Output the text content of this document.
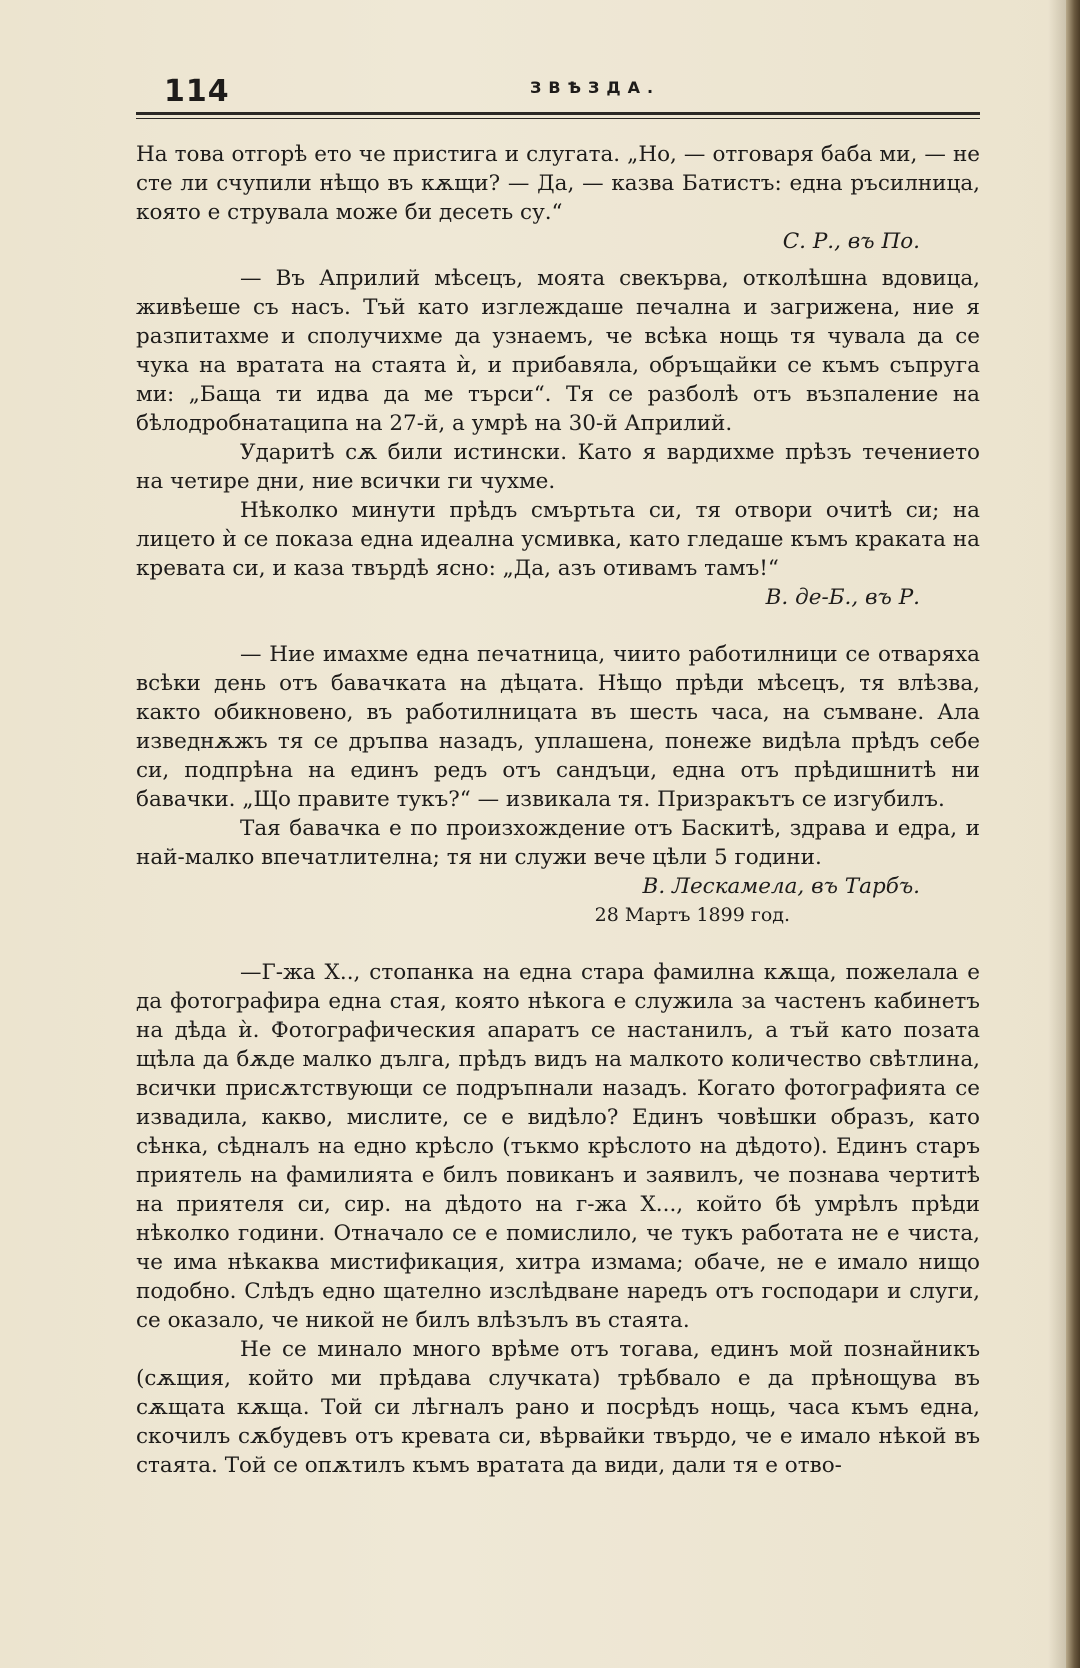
114	ЗВѢЗДА.

На това отгорѣ ето че пристига и слугата. „Но, — отговаря баба ми, — не сте ли счупили нѣщо въ кѫщи? — Да, — казва Батистъ: една ръсилница, която е струвала може би десеть су.“

С. Р., въ По.

— Въ Априлий мѣсецъ, моята свекърва, отколѣшна вдовица, живѣеше съ насъ. Тъй като изглеждаше печална и загрижена, ние я разпитахме и сполучихме да узнаемъ, че всѣка нощь тя чувала да се чука на вратата на стаята ѝ, и прибавяла, обръщайки се къмъ съпруга ми: „Баща ти идва да ме търси“. Тя се разболѣ отъ възпаление на бѣлодробнатаципа на 27-й, а умрѣ на 30-й Априлий.

Ударитѣ сѫ били истински. Като я вардихме прѣзъ течението на четире дни, ние всички ги чухме.

Нѣколко минути прѣдъ смъртьта си, тя отвори очитѣ си; на лицето ѝ се показа една идеална усмивка, като гледаше къмъ краката на кревата си, и каза твърдѣ ясно: „Да, азъ отивамъ тамъ!“

В. де-Б., въ Р.

— Ние имахме една печатница, чиито работилници се отваряха всѣки день отъ бавачката на дѣцата. Нѣщо прѣди мѣсецъ, тя влѣзва, както обикновено, въ работилницата въ шесть часа, на съмване. Ала изведнѫжъ тя се дръпва назадъ, уплашена, понеже видѣла прѣдъ себе си, подпрѣна на единъ редъ отъ сандъци, една отъ прѣдишнитѣ ни бавачки. „Що правите тукъ?“ — извикала тя. Призракътъ се изгубилъ.

Тая бавачка е по произхождение отъ Баскитѣ, здрава и едра, и най-малко впечатлителна; тя ни служи вече цѣли 5 години.

В. Лескамела, въ Тарбъ.

28 Мартъ 1899 год.

—Г-жа X.., стопанка на една стара фамилна кѫща, пожелала е да фотографира една стая, която нѣкога е служила за частенъ кабинетъ на дѣда ѝ. Фотографическия апаратъ се настанилъ, а тъй като позата щѣла да бѫде малко дълга, прѣдъ видъ на малкото количество свѣтлина, всички присѫтствующи се подръпнали назадъ. Когато фотографията се извадила, какво, мислите, се е видѣло? Единъ човѣшки образъ, като сѣнка, сѣдналъ на едно крѣсло (тъкмо крѣслото на дѣдото). Единъ старъ приятель на фамилията е билъ повиканъ и заявилъ, че познава чертитѣ на приятеля си, сир. на дѣдото на г-жа X..., който бѣ умрѣлъ прѣди нѣколко години. Отначало се е помислило, че тукъ работата не е чиста, че има нѣкаква мистификация, хитра измама; обаче, не е имало нищо подобно. Слѣдъ едно щателно изслѣдване наредъ отъ господари и слуги, се оказало, че никой не билъ влѣзълъ въ стаята.

Не се минало много врѣме отъ тогава, единъ мой познайникъ (сѫщия, който ми прѣдава случката) трѣбвало е да прѣнощува въ сѫщата кѫща. Той си лѣгналъ рано и посрѣдъ нощь, часа къмъ една, скочилъ сѫбудевъ отъ кревата си, вѣрвайки твърдо, че е имало нѣкой въ стаята. Той се опѫтилъ къмъ вратата да види, дали тя е отво-
